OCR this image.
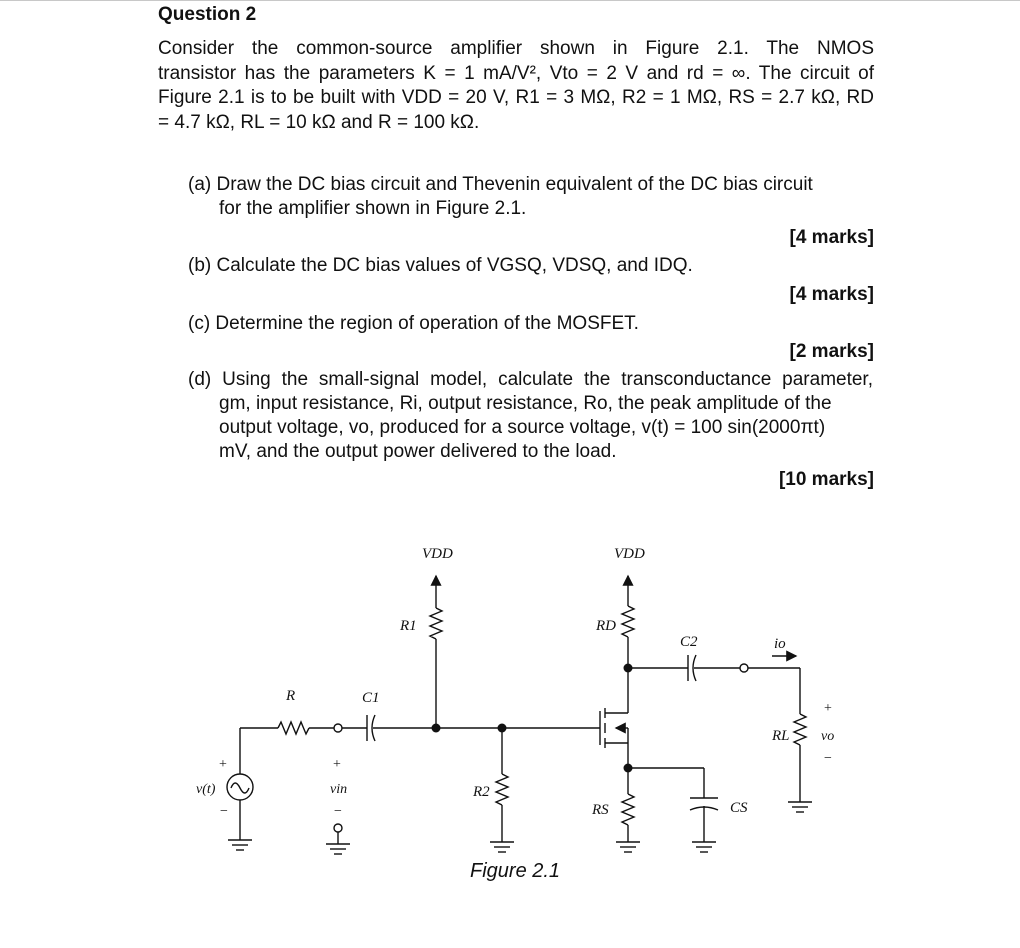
Question 2
Consider the common-source amplifier shown in Figure 2.1. The NMOS
transistor has the parameters K = 1 mA/V², Vto = 2 V and rd = ∞. The circuit of
Figure 2.1 is to be built with VDD = 20 V, R1 = 3 MΩ, R2 = 1 MΩ, RS = 2.7 kΩ, RD
= 4.7 kΩ, RL = 10 kΩ and R = 100 kΩ.
(a) Draw the DC bias circuit and Thevenin equivalent of the DC bias circuit
for the amplifier shown in Figure 2.1.
[4 marks]
(b) Calculate the DC bias values of VGSQ, VDSQ, and IDQ.
[4 marks]
(c) Determine the region of operation of the MOSFET.
[2 marks]
(d) Using the small-signal model, calculate the transconductance parameter,
gm, input resistance, Ri, output resistance, Ro, the peak amplitude of the
output voltage, vo, produced for a source voltage, v(t) = 100 sin(2000πt)
mV, and the output power delivered to the load.
[10 marks]
VDD	VDD
R1	RD
C2	io
R	C1
+
v(t)
−
+
vin
−
R2
RS	CS
RL
+
vo
−
Figure 2.1
